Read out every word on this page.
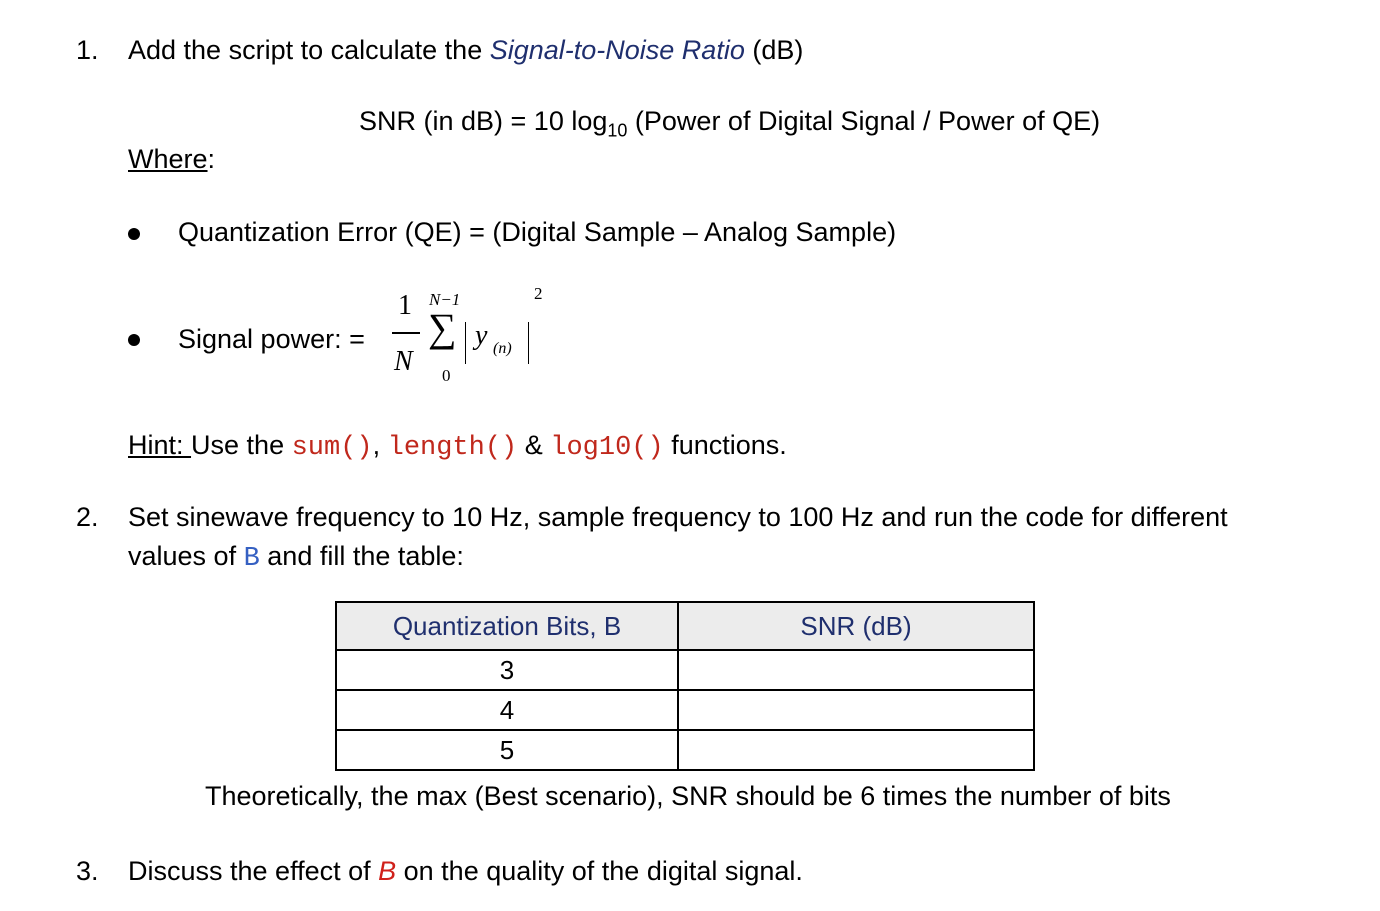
1. Add the script to calculate the Signal-to-Noise Ratio (dB)
SNR (in dB) = 10 $\log_{10}$ (Power of Digital Signal / Power of QE)
Where:
Quantization Error (QE) = (Digital Sample – Analog Sample)
Signal power: =
1
N
N−1
∑
0
y (n)
2
Hint: Use the sum(), length() & log10() functions.
2. Set sinewave frequency to 10 Hz, sample frequency to 100 Hz and run the code for different
values of B and fill the table:
Quantization Bits, B	SNR (dB)
3	
4	
5	
Theoretically, the max (Best scenario), SNR should be 6 times the number of bits
3. Discuss the effect of B on the quality of the digital signal.
